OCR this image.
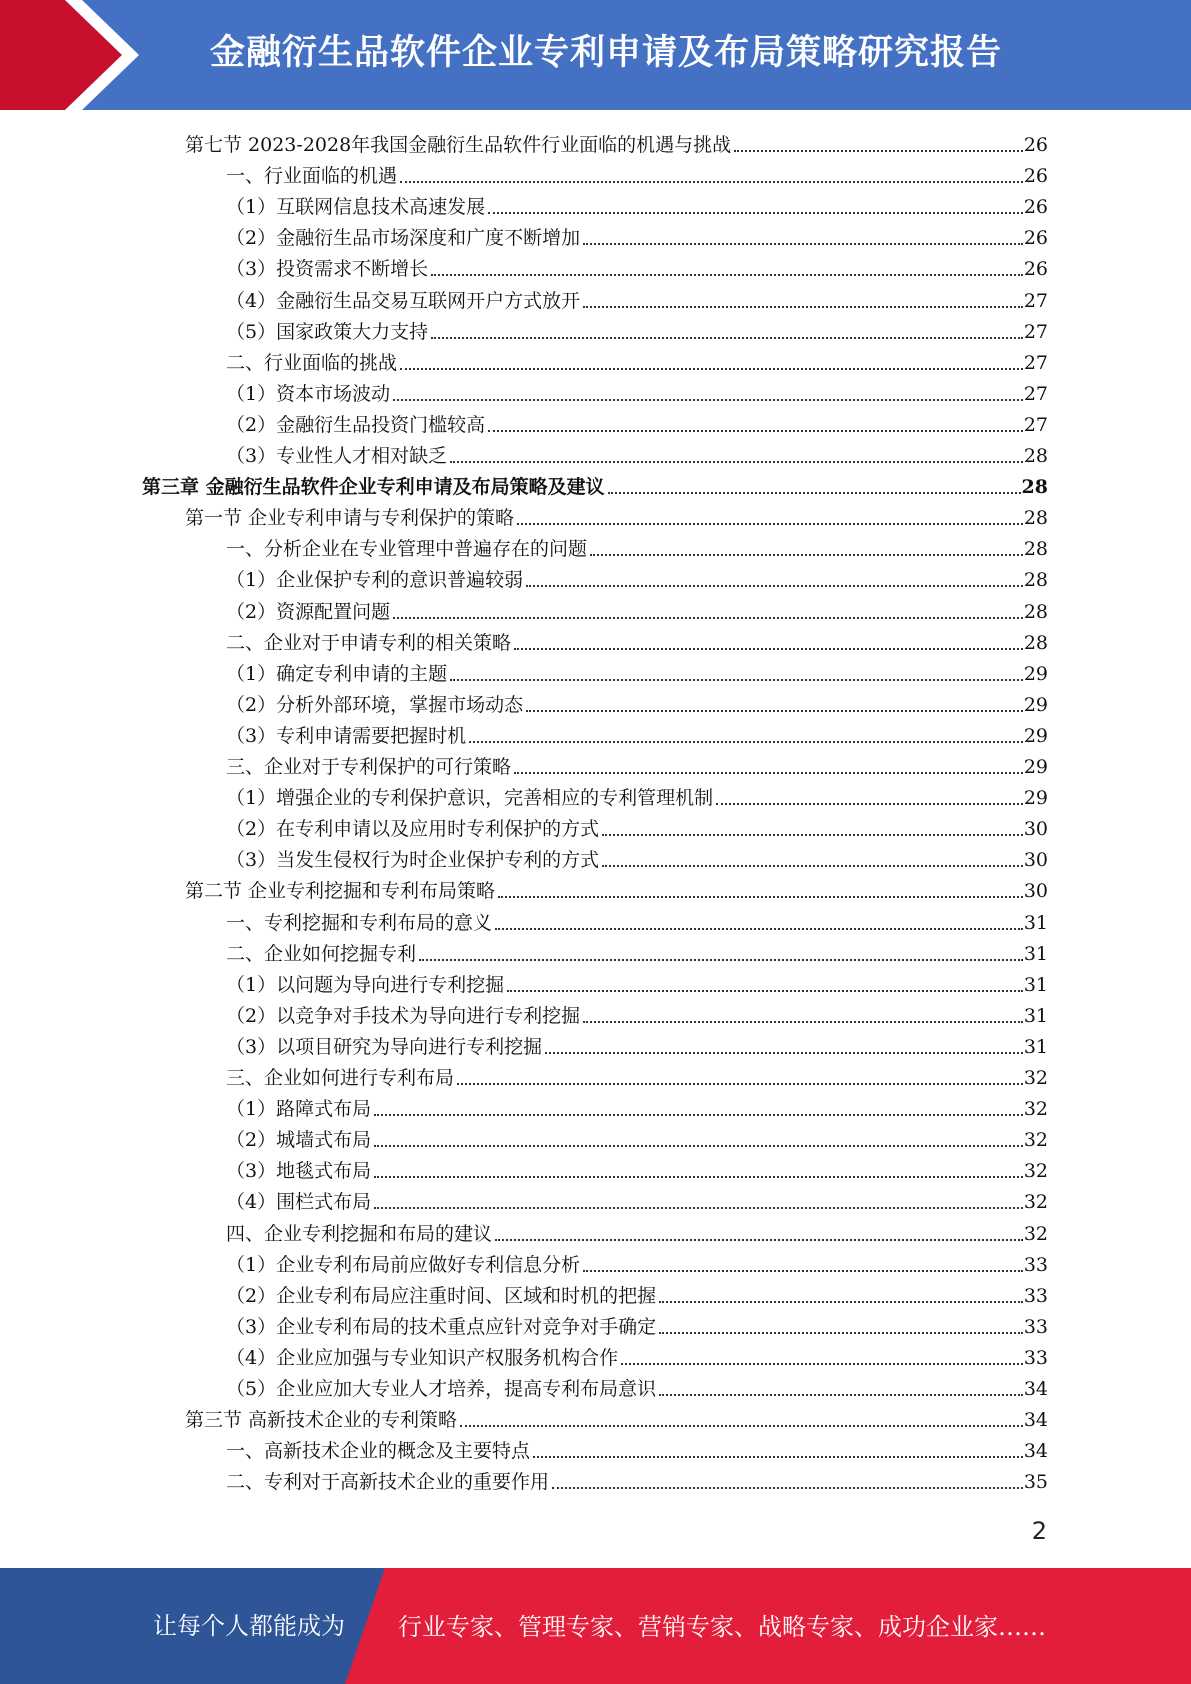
金融衍生品软件企业专利申请及布局策略研究报告
第七节 2023-2028年我国金融衍生品软件行业面临的机遇与挑战	26
一、行业面临的机遇	26
（1）互联网信息技术高速发展	26
（2）金融衍生品市场深度和广度不断增加	26
（3）投资需求不断增长	26
（4）金融衍生品交易互联网开户方式放开	27
（5）国家政策大力支持	27
二、行业面临的挑战	27
（1）资本市场波动	27
（2）金融衍生品投资门槛较高	27
（3）专业性人才相对缺乏	28
第三章 金融衍生品软件企业专利申请及布局策略及建议	28
第一节 企业专利申请与专利保护的策略	28
一、分析企业在专业管理中普遍存在的问题	28
（1）企业保护专利的意识普遍较弱	28
（2）资源配置问题	28
二、企业对于申请专利的相关策略	28
（1）确定专利申请的主题	29
（2）分析外部环境，掌握市场动态	29
（3）专利申请需要把握时机	29
三、企业对于专利保护的可行策略	29
（1）增强企业的专利保护意识，完善相应的专利管理机制	29
（2）在专利申请以及应用时专利保护的方式	30
（3）当发生侵权行为时企业保护专利的方式	30
第二节 企业专利挖掘和专利布局策略	30
一、专利挖掘和专利布局的意义	31
二、企业如何挖掘专利	31
（1）以问题为导向进行专利挖掘	31
（2）以竞争对手技术为导向进行专利挖掘	31
（3）以项目研究为导向进行专利挖掘	31
三、企业如何进行专利布局	32
（1）路障式布局	32
（2）城墙式布局	32
（3）地毯式布局	32
（4）围栏式布局	32
四、企业专利挖掘和布局的建议	32
（1）企业专利布局前应做好专利信息分析	33
（2）企业专利布局应注重时间、区域和时机的把握	33
（3）企业专利布局的技术重点应针对竞争对手确定	33
（4）企业应加强与专业知识产权服务机构合作	33
（5）企业应加大专业人才培养，提高专利布局意识	34
第三节 高新技术企业的专利策略	34
一、高新技术企业的概念及主要特点	34
二、专利对于高新技术企业的重要作用	35
2
让每个人都能成为 行业专家、管理专家、营销专家、战略专家、成功企业家……
